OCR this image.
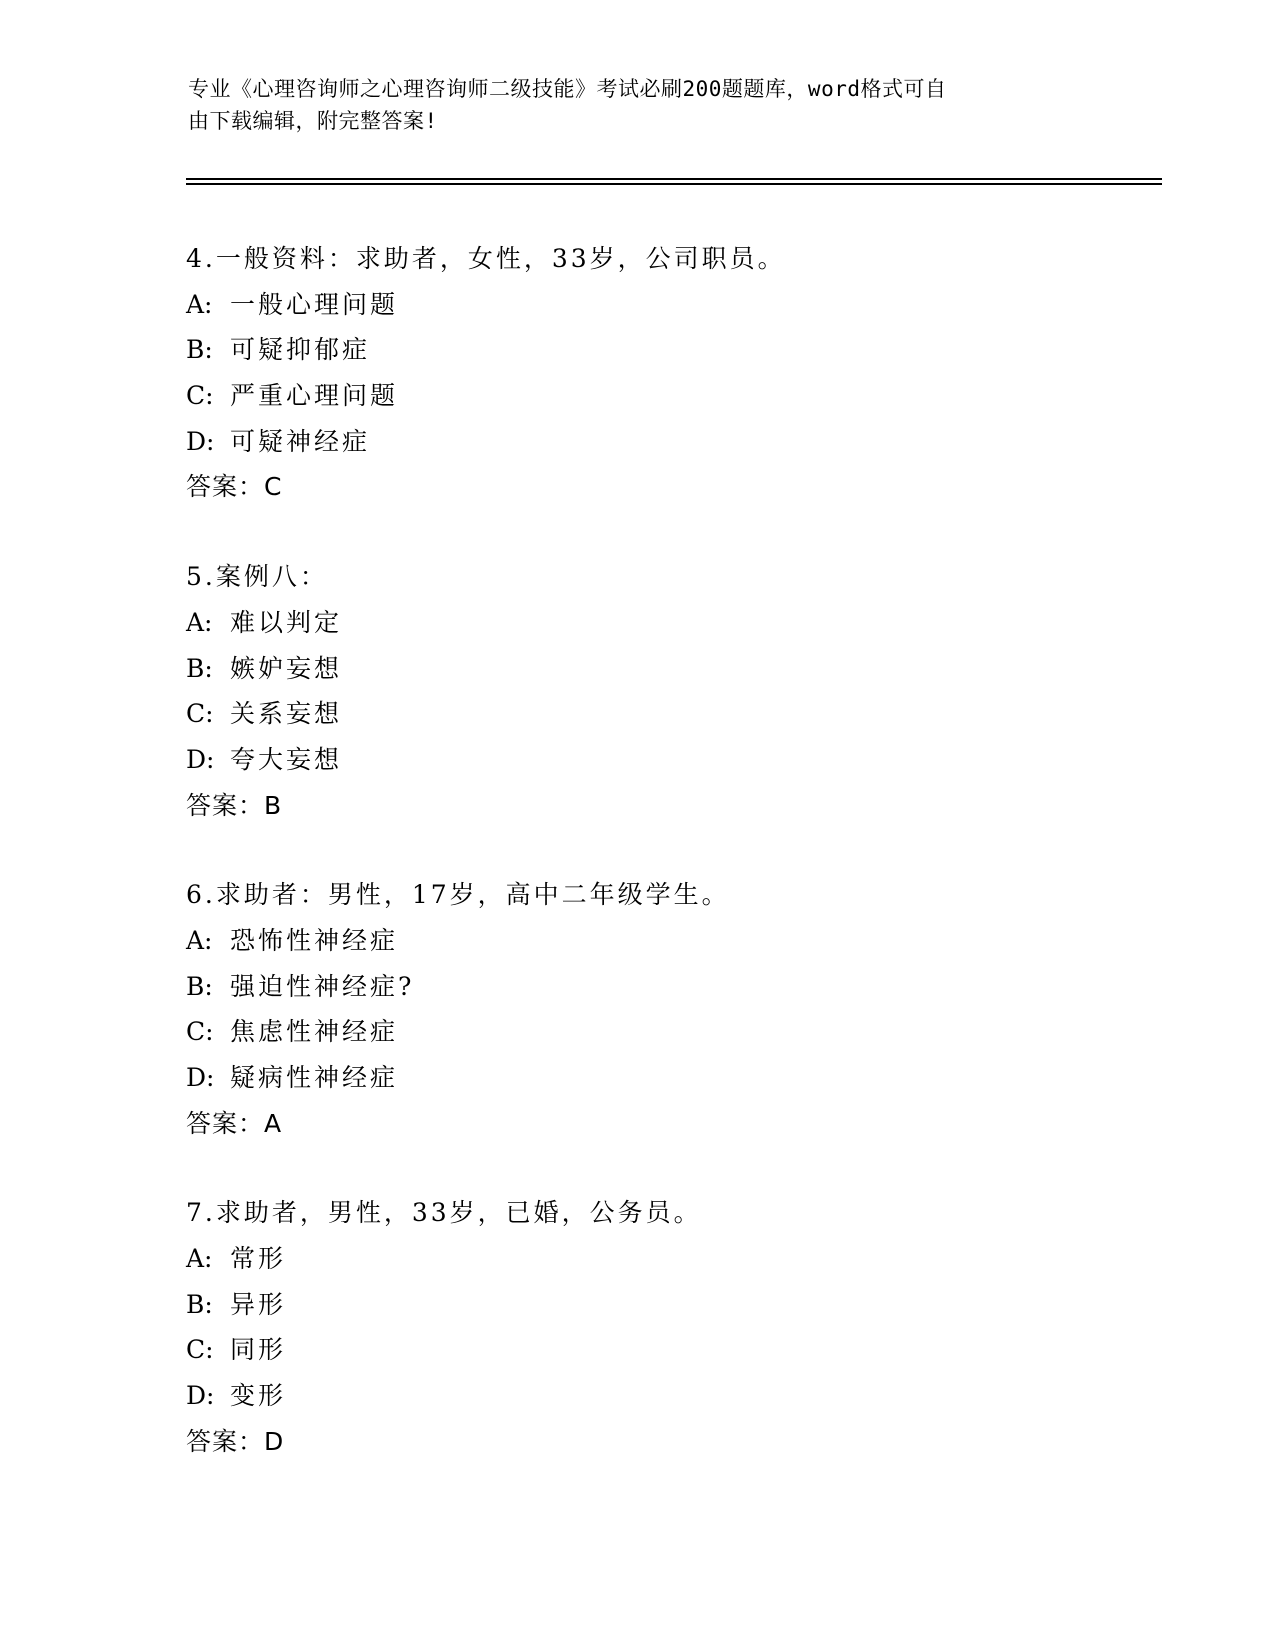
专业《心理咨询师之心理咨询师二级技能》考试必刷200题题库，word格式可自
由下载编辑，附完整答案!
4.一般资料：求助者，女性，33岁，公司职员。
A: 一般心理问题
B: 可疑抑郁症
C: 严重心理问题
D: 可疑神经症
答案：C
5.案例八：
A: 难以判定
B: 嫉妒妄想
C: 关系妄想
D: 夸大妄想
答案：B
6.求助者：男性，17岁，高中二年级学生。
A: 恐怖性神经症
B: 强迫性神经症?
C: 焦虑性神经症
D: 疑病性神经症
答案：A
7.求助者，男性，33岁，已婚，公务员。
A: 常形
B: 异形
C: 同形
D: 变形
答案：D
